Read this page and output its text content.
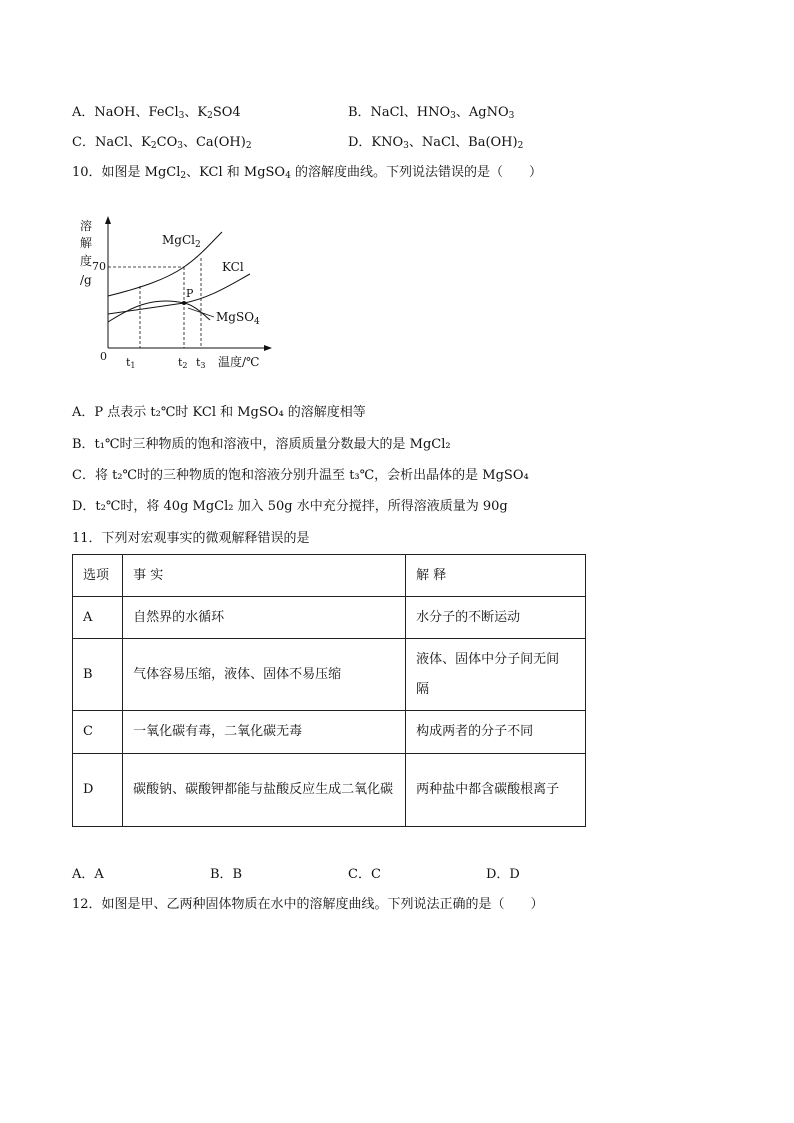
A．NaOH、FeCl$_3$、$K_2SO4$	B．NaCl、$HNO_3$、AgNO$_3$
C．NaCl、$K_2CO_3$、$Ca(OH)_2$	D．$KNO_3$、NaCl、$Ba(OH)_2$
10．如图是 MgCl$_2$、KCl 和 MgSO$_4$ 的溶解度曲线。下列说法错误的是（　　）
溶
解
度
/g
70
P
MgCl$_2$
KCl
MgSO$_4$
0 t1	t2 t3 温度/℃
A．P 点表示 t₂℃时 KCl 和 MgSO₄ 的溶解度相等
B．t₁℃时三种物质的饱和溶液中，溶质质量分数最大的是 MgCl₂
C．将 t₂℃时的三种物质的饱和溶液分别升温至 t₃℃，会析出晶体的是 MgSO₄
D．t₂℃时，将 40g MgCl₂ 加入 50g 水中充分搅拌，所得溶液质量为 90g
11．下列对宏观事实的微观解释错误的是
选项	事 实	解 释
A	自然界的水循环	水分子的不断运动
B	气体容易压缩，液体、固体不易压缩	液体、固体中分子间无间隔

C	一氧化碳有毒，二氧化碳无毒	构成两者的分子不同
D	碳酸钠、碳酸钾都能与盐酸反应生成二氧化碳	两种盐中都含碳酸根离子
A．A	B．B	C．C	D．D
12．如图是甲、乙两种固体物质在水中的溶解度曲线。下列说法正确的是（　　）
